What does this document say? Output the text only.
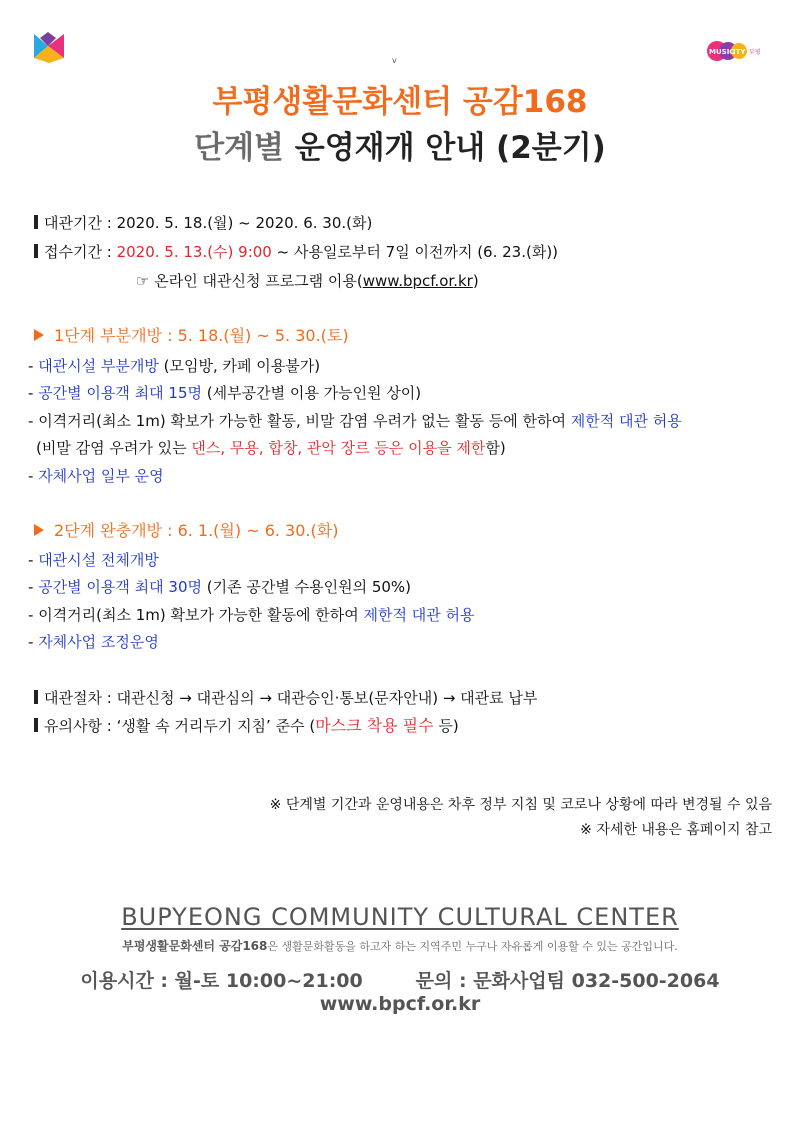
MUSIC
ITY 부평
v
부평생활문화센터 공감168
단계별 운영재개 안내 (2분기)
대관기간 : 2020. 5. 18.(월) ~ 2020. 6. 30.(화)
접수기간 : 2020. 5. 13.(수) 9:00 ~ 사용일로부터 7일 이전까지 (6. 23.(화))
☞ 온라인 대관신청 프로그램 이용(www.bpcf.or.kr)
1단계 부분개방 : 5. 18.(월) ~ 5. 30.(토)
- 대관시설 부분개방 (모임방, 카페 이용불가)
- 공간별 이용객 최대 15명 (세부공간별 이용 가능인원 상이)
- 이격거리(최소 1m) 확보가 가능한 활동, 비말 감염 우려가 없는 활동 등에 한하여 제한적 대관 허용
(비말 감염 우려가 있는 댄스, 무용, 합창, 관악 장르 등은 이용을 제한함)
- 자체사업 일부 운영
2단계 완충개방 : 6. 1.(월) ~ 6. 30.(화)
- 대관시설 전체개방
- 공간별 이용객 최대 30명 (기존 공간별 수용인원의 50%)
- 이격거리(최소 1m) 확보가 가능한 활동에 한하여 제한적 대관 허용
- 자체사업 조정운영
대관절차 : 대관신청 → 대관심의 → 대관승인·통보(문자안내) → 대관료 납부
유의사항 : ‘생활 속 거리두기 지침’ 준수 (마스크 착용 필수 등)
※ 단계별 기간과 운영내용은 차후 정부 지침 및 코로나 상황에 따라 변경될 수 있음
※ 자세한 내용은 홈페이지 참고
BUPYEONG COMMUNITY CULTURAL CENTER
부평생활문화센터 공감168은 생활문화활동을 하고자 하는 지역주민 누구나 자유롭게 이용할 수 있는 공간입니다.
이용시간 : 월-토 10:00~21:00	문의 : 문화사업팀 032-500-2064
www.bpcf.or.kr
